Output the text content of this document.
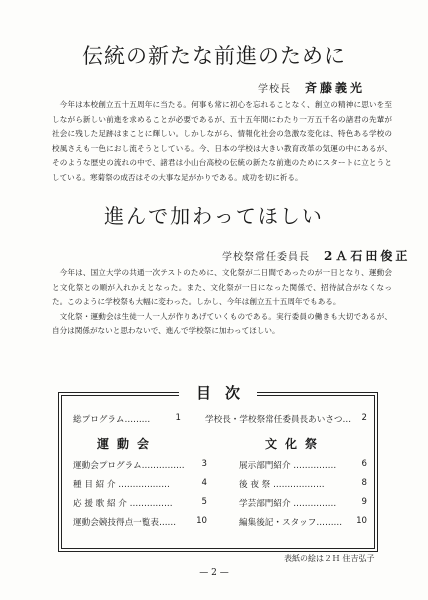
伝統の新たな前進のために
学校長 斉藤義光

今年は本校創立五十五周年に当たる。何事も常に初心を忘れることなく、創立の精神に思いを至しながら新しい前進を求めることが必要であるが、五十五年間にわたり一万五千名の諸君の先輩が社会に残した足跡はまことに輝しい。しかしながら、情報化社会の急激な変化は、特色ある学校の校風さえも一色におし流そうとしている。今、日本の学校は大きい教育改革の気運の中にあるが、そのような歴史の流れの中で、諸君は小山台高校の伝統の新たな前進のためにスタートに立とうとしている。寒菊祭の成否はその大事な足がかりである。成功を切に祈る。

進んで加わってほしい
学校祭常任委員長 2Ａ石田俊正

今年は、国立大学の共通一次テストのために、文化祭が二日間であったのが一日となり、運動会と文化祭との順が入れかえとなった。また、文化祭が一日になった関係で、招待試合がなくなった。このように学校祭も大幅に変わった。しかし、今年は創立五十五周年でもある。

文化祭・運動会は生徒一人一人が作りあげていくものである。実行委員の働きも大切であるが、自分は関係がないと思わないで、進んで学校祭に加わってほしい。

目次
総プログラム………	1	学校長・学校祭常任委員長あいさつ… 2
運動会	文化祭
運動会プログラム…………… 3
種 目 紹 介 ………………	4
応 援 歌 紹 介 ……………	5
運動会競技得点一覧表…… 10
展示部門紹介 ……………	6
後 夜 祭 ………………	8
学芸部門紹介 ……………	9
編集後記・スタッフ……… 10
表紙の絵は２Ｈ 住吉弘子
— 2 —
